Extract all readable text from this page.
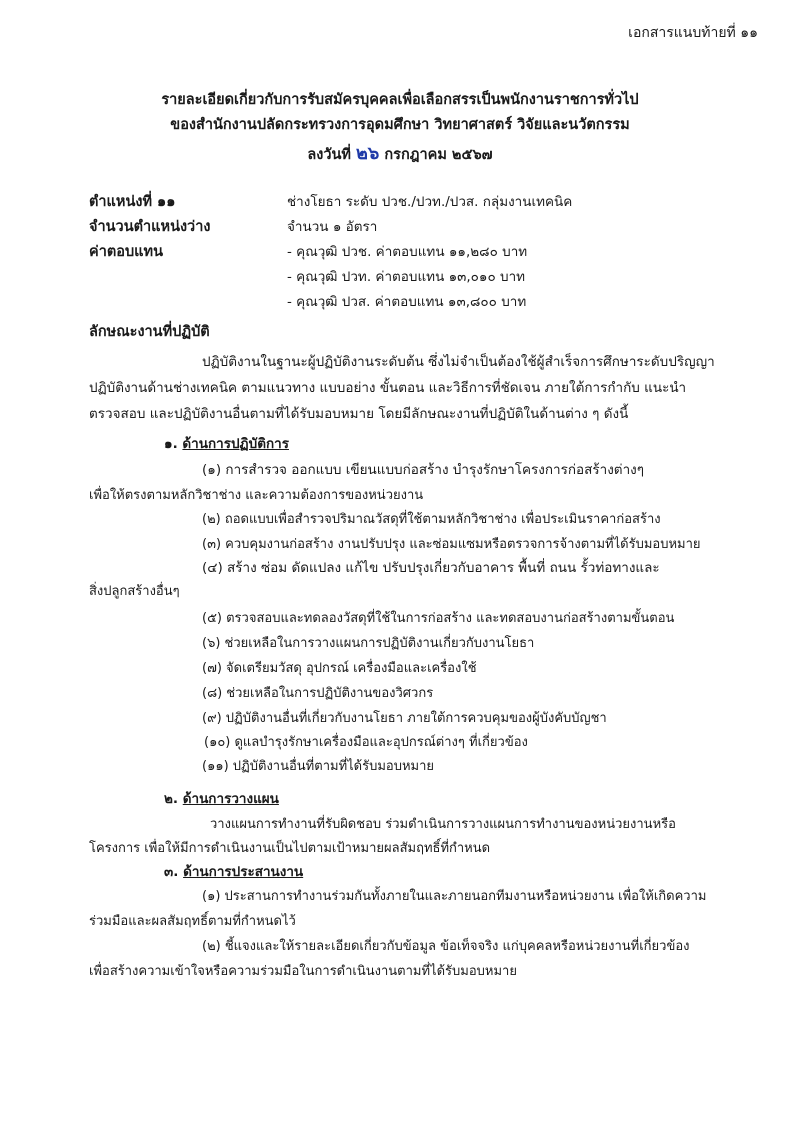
เอกสารแนบท้ายที่ ๑๑
รายละเอียดเกี่ยวกับการรับสมัครบุคคลเพื่อเลือกสรรเป็นพนักงานราชการทั่วไป
ของสำนักงานปลัดกระทรวงการอุดมศึกษา วิทยาศาสตร์ วิจัยและนวัตกรรม
ลงวันที่ ๒๖ กรกฎาคม ๒๕๖๗
ตำแหน่งที่ ๑๑	ช่างโยธา ระดับ ปวช./ปวท./ปวส. กลุ่มงานเทคนิค
จำนวนตำแหน่งว่าง	จำนวน ๑ อัตรา
ค่าตอบแทน	- คุณวุฒิ ปวช. ค่าตอบแทน ๑๑,๒๘๐ บาท
- คุณวุฒิ ปวท. ค่าตอบแทน ๑๓,๐๑๐ บาท
- คุณวุฒิ ปวส. ค่าตอบแทน ๑๓,๘๐๐ บาท
ลักษณะงานที่ปฏิบัติ
ปฏิบัติงานในฐานะผู้ปฏิบัติงานระดับต้น ซึ่งไม่จำเป็นต้องใช้ผู้สำเร็จการศึกษาระดับปริญญา
ปฏิบัติงานด้านช่างเทคนิค ตามแนวทาง แบบอย่าง ขั้นตอน และวิธีการที่ชัดเจน ภายใต้การกำกับ แนะนำ
ตรวจสอบ และปฏิบัติงานอื่นตามที่ได้รับมอบหมาย โดยมีลักษณะงานที่ปฏิบัติในด้านต่าง ๆ ดังนี้
๑. ด้านการปฏิบัติการ
(๑) การสำรวจ ออกแบบ เขียนแบบก่อสร้าง บำรุงรักษาโครงการก่อสร้างต่างๆ
เพื่อให้ตรงตามหลักวิชาช่าง และความต้องการของหน่วยงาน
(๒) ถอดแบบเพื่อสำรวจปริมาณวัสดุที่ใช้ตามหลักวิชาช่าง เพื่อประเมินราคาก่อสร้าง
(๓) ควบคุมงานก่อสร้าง งานปรับปรุง และซ่อมแซมหรือตรวจการจ้างตามที่ได้รับมอบหมาย
(๔) สร้าง ซ่อม ดัดแปลง แก้ไข ปรับปรุงเกี่ยวกับอาคาร พื้นที่ ถนน รั้วท่อทางและ
สิ่งปลูกสร้างอื่นๆ
(๕) ตรวจสอบและทดลองวัสดุที่ใช้ในการก่อสร้าง และทดสอบงานก่อสร้างตามขั้นตอน
(๖) ช่วยเหลือในการวางแผนการปฏิบัติงานเกี่ยวกับงานโยธา
(๗) จัดเตรียมวัสดุ อุปกรณ์ เครื่องมือและเครื่องใช้
(๘) ช่วยเหลือในการปฏิบัติงานของวิศวกร
(๙) ปฏิบัติงานอื่นที่เกี่ยวกับงานโยธา ภายใต้การควบคุมของผู้บังคับบัญชา
(๑๐) ดูแลบำรุงรักษาเครื่องมือและอุปกรณ์ต่างๆ ที่เกี่ยวข้อง
(๑๑) ปฏิบัติงานอื่นที่ตามที่ได้รับมอบหมาย
๒. ด้านการวางแผน
วางแผนการทำงานที่รับผิดชอบ ร่วมดำเนินการวางแผนการทำงานของหน่วยงานหรือ
โครงการ เพื่อให้มีการดำเนินงานเป็นไปตามเป้าหมายผลสัมฤทธิ์ที่กำหนด
๓. ด้านการประสานงาน
(๑) ประสานการทำงานร่วมกันทั้งภายในและภายนอกทีมงานหรือหน่วยงาน เพื่อให้เกิดความ
ร่วมมือและผลสัมฤทธิ์ตามที่กำหนดไว้
(๒) ชี้แจงและให้รายละเอียดเกี่ยวกับข้อมูล ข้อเท็จจริง แก่บุคคลหรือหน่วยงานที่เกี่ยวข้อง
เพื่อสร้างความเข้าใจหรือความร่วมมือในการดำเนินงานตามที่ได้รับมอบหมาย
